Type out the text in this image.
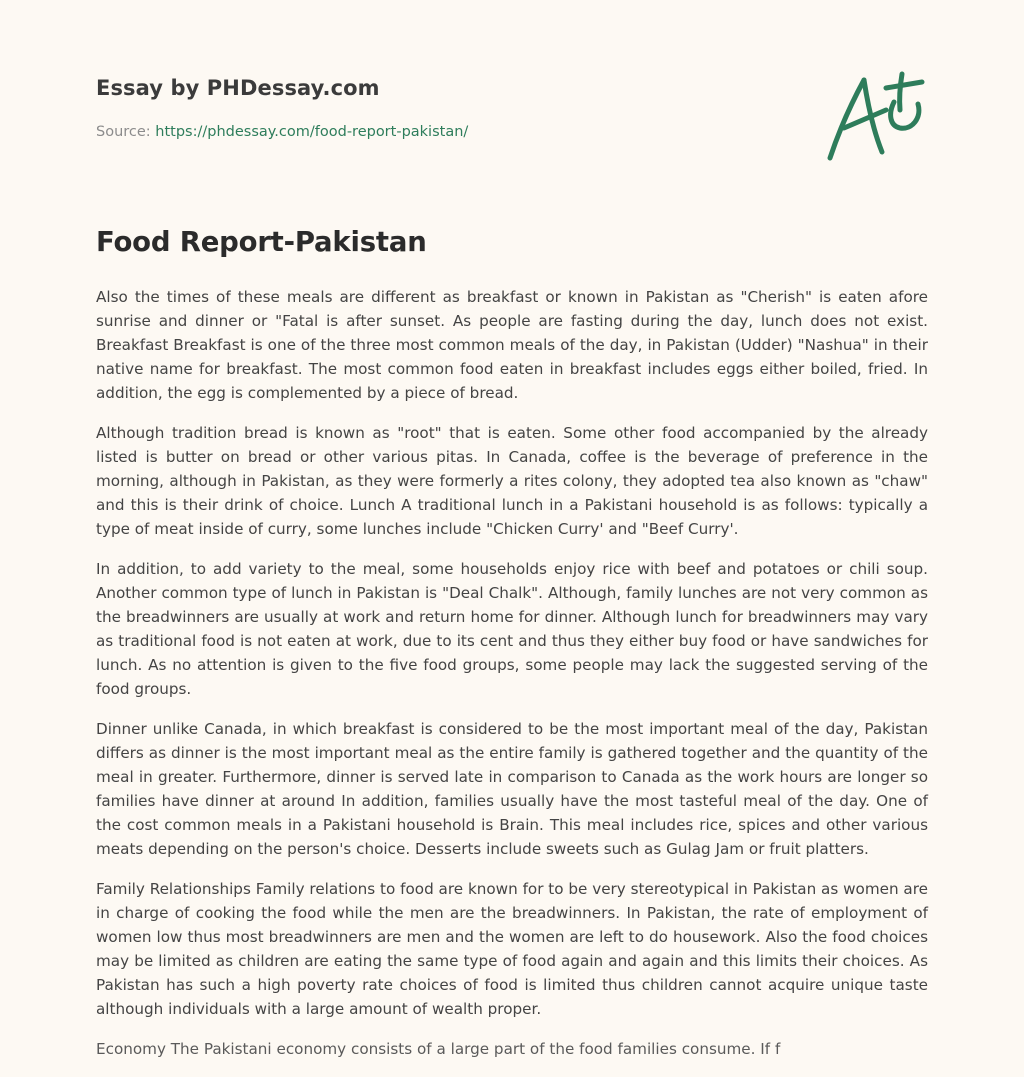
Essay by PHDessay.com
Source: https://phdessay.com/food-report-pakistan/
Food Report-Pakistan

Also the times of these meals are different as breakfast or known in Pakistan as "Cherish" is eaten afore sunrise and dinner or "Fatal is after sunset. As people are fasting during the day, lunch does not exist. Breakfast Breakfast is one of the three most common meals of the day, in Pakistan (Udder) "Nashua" in their native name for breakfast. The most common food eaten in breakfast includes eggs either boiled, fried. In addition, the egg is complemented by a piece of bread.

Although tradition bread is known as "root" that is eaten. Some other food accompanied by the already listed is butter on bread or other various pitas. In Canada, coffee is the beverage of preference in the morning, although in Pakistan, as they were formerly a rites colony, they adopted tea also known as "chaw" and this is their drink of choice. Lunch A traditional lunch in a Pakistani household is as follows: typically a type of meat inside of curry, some lunches include "Chicken Curry' and "Beef Curry'.

In addition, to add variety to the meal, some households enjoy rice with beef and potatoes or chili soup. Another common type of lunch in Pakistan is "Deal Chalk". Although, family lunches are not very common as the breadwinners are usually at work and return home for dinner. Although lunch for breadwinners may vary as traditional food is not eaten at work, due to its cent and thus they either buy food or have sandwiches for lunch. As no attention is given to the five food groups, some people may lack the suggested serving of the food groups.

Dinner unlike Canada, in which breakfast is considered to be the most important meal of the day, Pakistan differs as dinner is the most important meal as the entire family is gathered together and the quantity of the meal in greater. Furthermore, dinner is served late in comparison to Canada as the work hours are longer so families have dinner at around In addition, families usually have the most tasteful meal of the day. One of the cost common meals in a Pakistani household is Brain. This meal includes rice, spices and other various meats depending on the person's choice. Desserts include sweets such as Gulag Jam or fruit platters.

Family Relationships Family relations to food are known for to be very stereotypical in Pakistan as women are in charge of cooking the food while the men are the breadwinners. In Pakistan, the rate of employment of women low thus most breadwinners are men and the women are left to do housework. Also the food choices may be limited as children are eating the same type of food again and again and this limits their choices. As Pakistan has such a high poverty rate choices of food is limited thus children cannot acquire unique taste although individuals with a large amount of wealth proper.

Economy The Pakistani economy consists of a large part of the food families consume. If f
